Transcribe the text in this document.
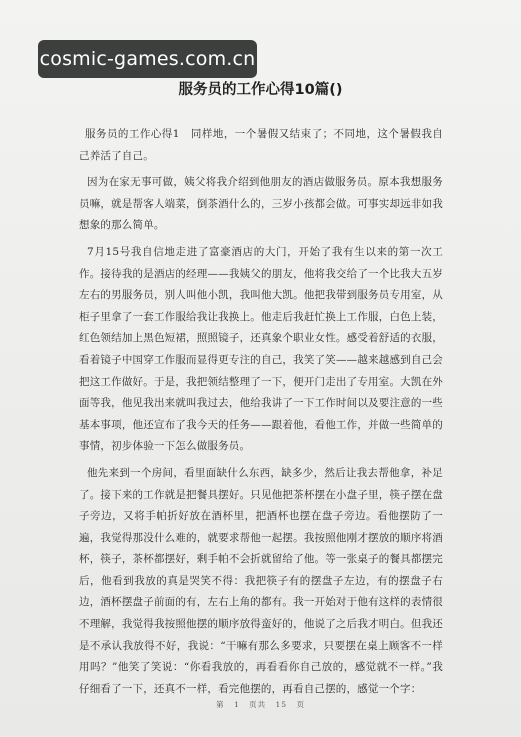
cosmic-games.com.cn
服务员的工作心得10篇()

服务员的工作心得1　同样地，一个暑假又结束了；不同地，这个暑假我自己养活了自己。

因为在家无事可做，姨父将我介绍到他朋友的酒店做服务员。原本我想服务员嘛，就是帮客人端菜，倒茶酒什么的，三岁小孩都会做。可事实却远非如我想象的那么简单。

7月15号我自信地走进了富豪酒店的大门，开始了我有生以来的第一次工作。接待我的是酒店的经理——我姨父的朋友，他将我交给了一个比我大五岁左右的男服务员，别人叫他小凯，我叫他大凯。他把我带到服务员专用室，从柜子里拿了一套工作服给我让我换上。他走后我赶忙换上工作服，白色上装，红色领结加上黑色短裙，照照镜子，还真象个职业女性。感受着舒适的衣服，看着镜子中国穿工作服而显得更专注的自己，我笑了笑——越来越感到自己会把这工作做好。于是，我把领结整理了一下，便开门走出了专用室。大凯在外面等我，他见我出来就叫我过去，他给我讲了一下工作时间以及要注意的一些基本事项，他还宣布了我今天的任务——跟着他，看他工作，并做一些简单的事情，初步体验一下怎么做服务员。

他先来到一个房间，看里面缺什么东西，缺多少，然后让我去帮他拿，补足了。接下来的工作就是把餐具摆好。只见他把茶杯摆在小盘子里，筷子摆在盘子旁边，又将手帕折好放在酒杯里，把酒杯也摆在盘子旁边。看他摆防了一遍，我觉得那没什么难的，就要求帮他一起摆。我按照他刚才摆放的顺序将酒杯，筷子，茶杯都摆好，剩手帕不会折就留给了他。等一张桌子的餐具都摆完后，他看到我放的真是哭笑不得：我把筷子有的摆盘子左边，有的摆盘子右边，酒杯摆盘子前面的有，左右上角的都有。我一开始对于他有这样的表情很不理解，我觉得我按照他摆的顺序放得蛮好的，他说了之后我才明白。但我还是不承认我放得不好，我说：“干嘛有那么多要求，只要摆在桌上顾客不一样用吗？”他笑了笑说：“你看我放的，再看看你自己放的，感觉就不一样。”我仔细看了一下，还真不一样，看完他摆的，再看自己摆的，感觉一个字：

第 1 页共 15 页
